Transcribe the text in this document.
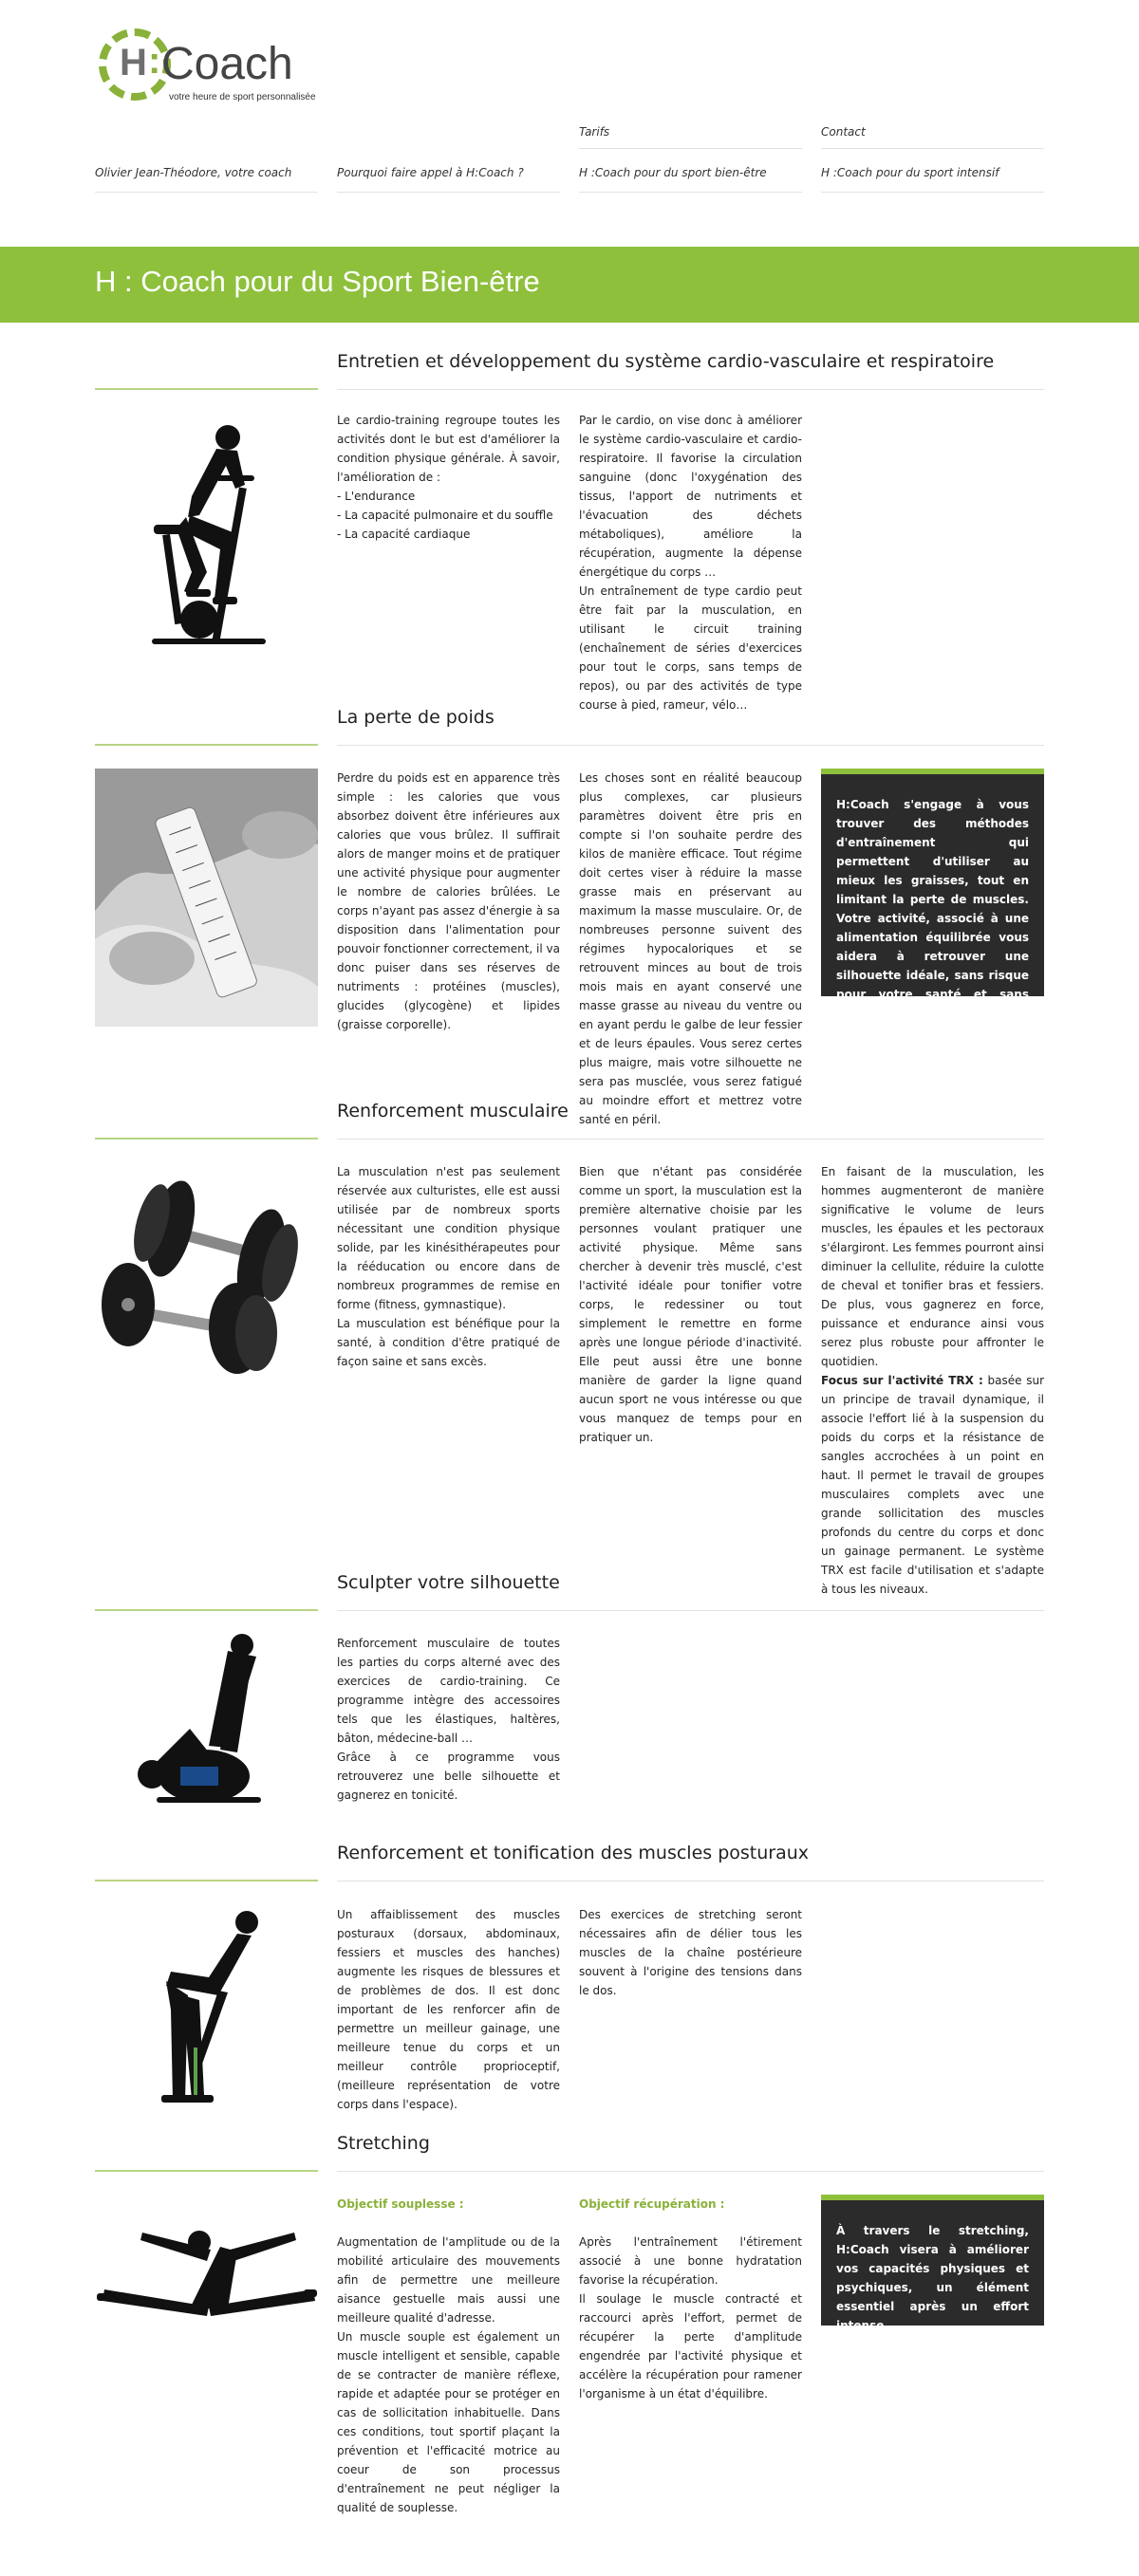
H : Coach
votre heure de sport personnalisée
Tarifs	Contact
Olivier Jean-Théodore, votre coach	Pourquoi faire appel à H:Coach ?	H :Coach pour du sport bien-être	H :Coach pour du sport intensif
H : Coach pour du Sport Bien-être
Entretien et développement du système cardio-vasculaire et respiratoire

Le cardio-training regroupe toutes les activités dont le but est d'améliorer la condition physique générale. À savoir, l'amélioration de :

- L'endurance

- La capacité pulmonaire et du souffle

- La capacité cardiaque

Par le cardio, on vise donc à améliorer le système cardio-vasculaire et cardio-respiratoire. Il favorise la circulation sanguine (donc l'oxygénation des tissus, l'apport de nutriments et l'évacuation des déchets métaboliques), améliore la récupération, augmente la dépense énergétique du corps …

Un entraînement de type cardio peut être fait par la musculation, en utilisant le circuit training (enchaînement de séries d'exercices pour tout le corps, sans temps de repos), ou par des activités de type course à pied, rameur, vélo…

La perte de poids

Perdre du poids est en apparence très simple : les calories que vous absorbez doivent être inférieures aux calories que vous brûlez. Il suffirait alors de manger moins et de pratiquer une activité physique pour augmenter le nombre de calories brûlées. Le corps n'ayant pas assez d'énergie à sa disposition dans l'alimentation pour pouvoir fonctionner correctement, il va donc puiser dans ses réserves de nutriments : protéines (muscles), glucides (glycogène) et lipides (graisse corporelle).

Les choses sont en réalité beaucoup plus complexes, car plusieurs paramètres doivent être pris en compte si l'on souhaite perdre des kilos de manière efficace. Tout régime doit certes viser à réduire la masse grasse mais en préservant au maximum la masse musculaire. Or, de nombreuses personne suivent des régimes hypocaloriques et se retrouvent minces au bout de trois mois mais en ayant conservé une masse grasse au niveau du ventre ou en ayant perdu le galbe de leur fessier et de leurs épaules. Vous serez certes plus maigre, mais votre silhouette ne sera pas musclée, vous serez fatigué au moindre effort et mettrez votre santé en péril.

H:Coach s'engage à vous trouver des méthodes d'entraînement qui permettent d'utiliser au mieux les graisses, tout en limitant la perte de muscles. Votre activité, associé à une alimentation équilibrée vous aidera à retrouver une silhouette idéale, sans risque pour votre santé et sans subir l'effet yoyo des régimes.

Renforcement musculaire

La musculation n'est pas seulement réservée aux culturistes, elle est aussi utilisée par de nombreux sports nécessitant une condition physique solide, par les kinésithérapeutes pour la rééducation ou encore dans de nombreux programmes de remise en forme (fitness, gymnastique).

La musculation est bénéfique pour la santé, à condition d'être pratiqué de façon saine et sans excès.

Bien que n'étant pas considérée comme un sport, la musculation est la première alternative choisie par les personnes voulant pratiquer une activité physique. Même sans chercher à devenir très musclé, c'est l'activité idéale pour tonifier votre corps, le redessiner ou tout simplement le remettre en forme après une longue période d'inactivité. Elle peut aussi être une bonne manière de garder la ligne quand aucun sport ne vous intéresse ou que vous manquez de temps pour en pratiquer un.

En faisant de la musculation, les hommes augmenteront de manière significative le volume de leurs muscles, les épaules et les pectoraux s'élargiront. Les femmes pourront ainsi diminuer la cellulite, réduire la culotte de cheval et tonifier bras et fessiers. De plus, vous gagnerez en force, puissance et endurance ainsi vous serez plus robuste pour affronter le quotidien.

Focus sur l'activité TRX : basée sur un principe de travail dynamique, il associe l'effort lié à la suspension du poids du corps et la résistance de sangles accrochées à un point en haut. Il permet le travail de groupes musculaires complets avec une grande sollicitation des muscles profonds du centre du corps et donc un gainage permanent. Le système TRX est facile d'utilisation et s'adapte à tous les niveaux.

Sculpter votre silhouette

Renforcement musculaire de toutes les parties du corps alterné avec des exercices de cardio-training. Ce programme intègre des accessoires tels que les élastiques, haltères, bâton, médecine-ball …

Grâce à ce programme vous retrouverez une belle silhouette et gagnerez en tonicité.

Renforcement et tonification des muscles posturaux

Un affaiblissement des muscles posturaux (dorsaux, abdominaux, fessiers et muscles des hanches) augmente les risques de blessures et de problèmes de dos. Il est donc important de les renforcer afin de permettre un meilleur gainage, une meilleure tenue du corps et un meilleur contrôle proprioceptif, (meilleure représentation de votre corps dans l'espace).

Des exercices de stretching seront nécessaires afin de délier tous les muscles de la chaîne postérieure souvent à l'origine des tensions dans le dos.

Stretching

Objectif souplesse :

Augmentation de l'amplitude ou de la mobilité articulaire des mouvements afin de permettre une meilleure aisance gestuelle mais aussi une meilleure qualité d'adresse.

Un muscle souple est également un muscle intelligent et sensible, capable de se contracter de manière réflexe, rapide et adaptée pour se protéger en cas de sollicitation inhabituelle. Dans ces conditions, tout sportif plaçant la prévention et l'efficacité motrice au coeur de son processus d'entraînement ne peut négliger la qualité de souplesse.

Objectif récupération :

Après l'entraînement l'étirement associé à une bonne hydratation favorise la récupération.

Il soulage le muscle contracté et raccourci après l'effort, permet de récupérer la perte d'amplitude engendrée par l'activité physique et accélère la récupération pour ramener l'organisme à un état d'équilibre.

À travers le stretching, H:Coach visera à améliorer vos capacités physiques et psychiques, un élément essentiel après un effort intense.
